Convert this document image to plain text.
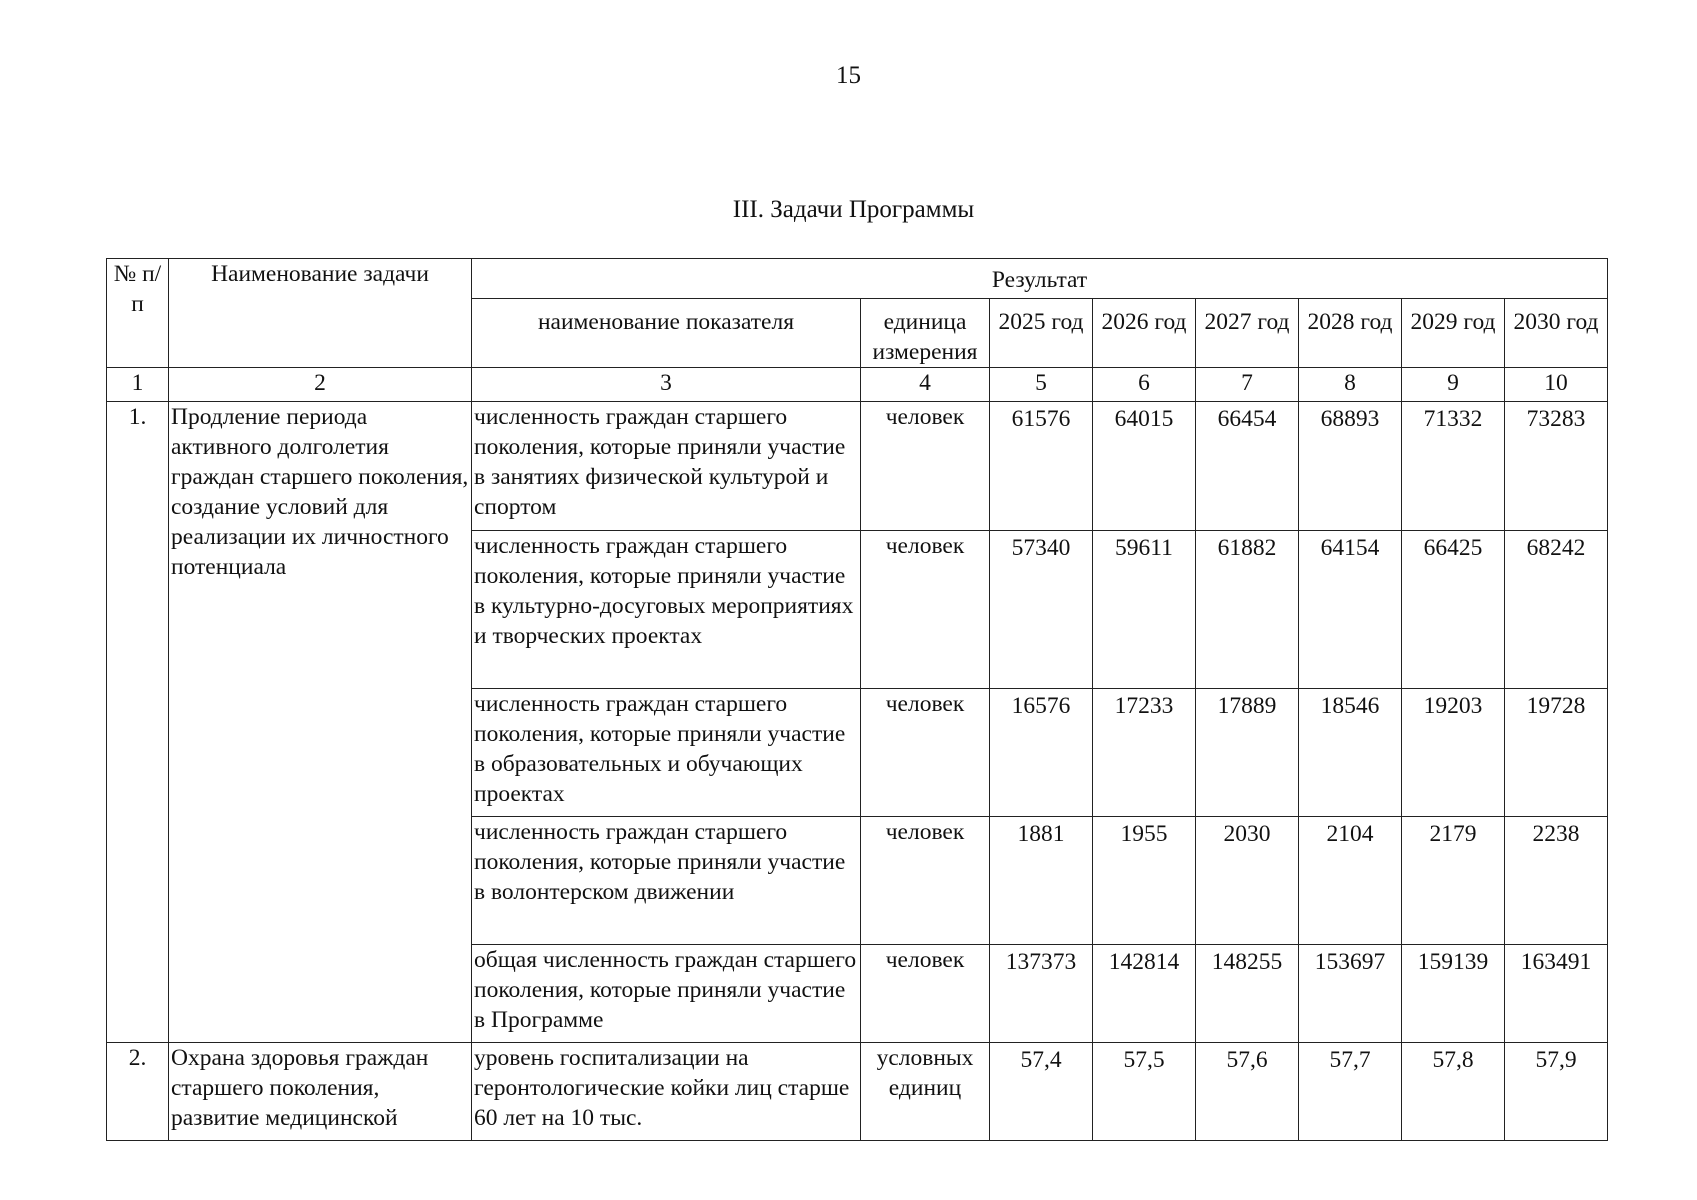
15
III. Задачи Программы
№ п/п	Наименование задачи	Результат							
		наименование показателя	единица измерения	2025 год	2026 год	2027 год	2028 год	2029 год	2030 год
1	2	3	4	5	6	7	8	9	10
1.	Продление периода активного долголетия граждан старшего поколения, создание условий для реализации их личностного потенциала	численность граждан старшего поколения, которые приняли участие в занятиях физической культурой и спортом	человек	61576	64015	66454	68893	71332	73283
		численность граждан старшего поколения, которые приняли участие в культурно-досуговых мероприятиях и творческих проектах	человек	57340	59611	61882	64154	66425	68242
		численность граждан старшего поколения, которые приняли участие в образовательных и обучающих проектах	человек	16576	17233	17889	18546	19203	19728
		численность граждан старшего поколения, которые приняли участие в волонтерском движении	человек	1881	1955	2030	2104	2179	2238
		общая численность граждан старшего поколения, которые приняли участие в Программе	человек	137373	142814	148255	153697	159139	163491
2.	Охрана здоровья граждан старшего поколения, развитие медицинской	уровень госпитализации на геронтологические койки лиц старше 60 лет на 10 тыс.	условных единиц	57,4	57,5	57,6	57,7	57,8	57,9
